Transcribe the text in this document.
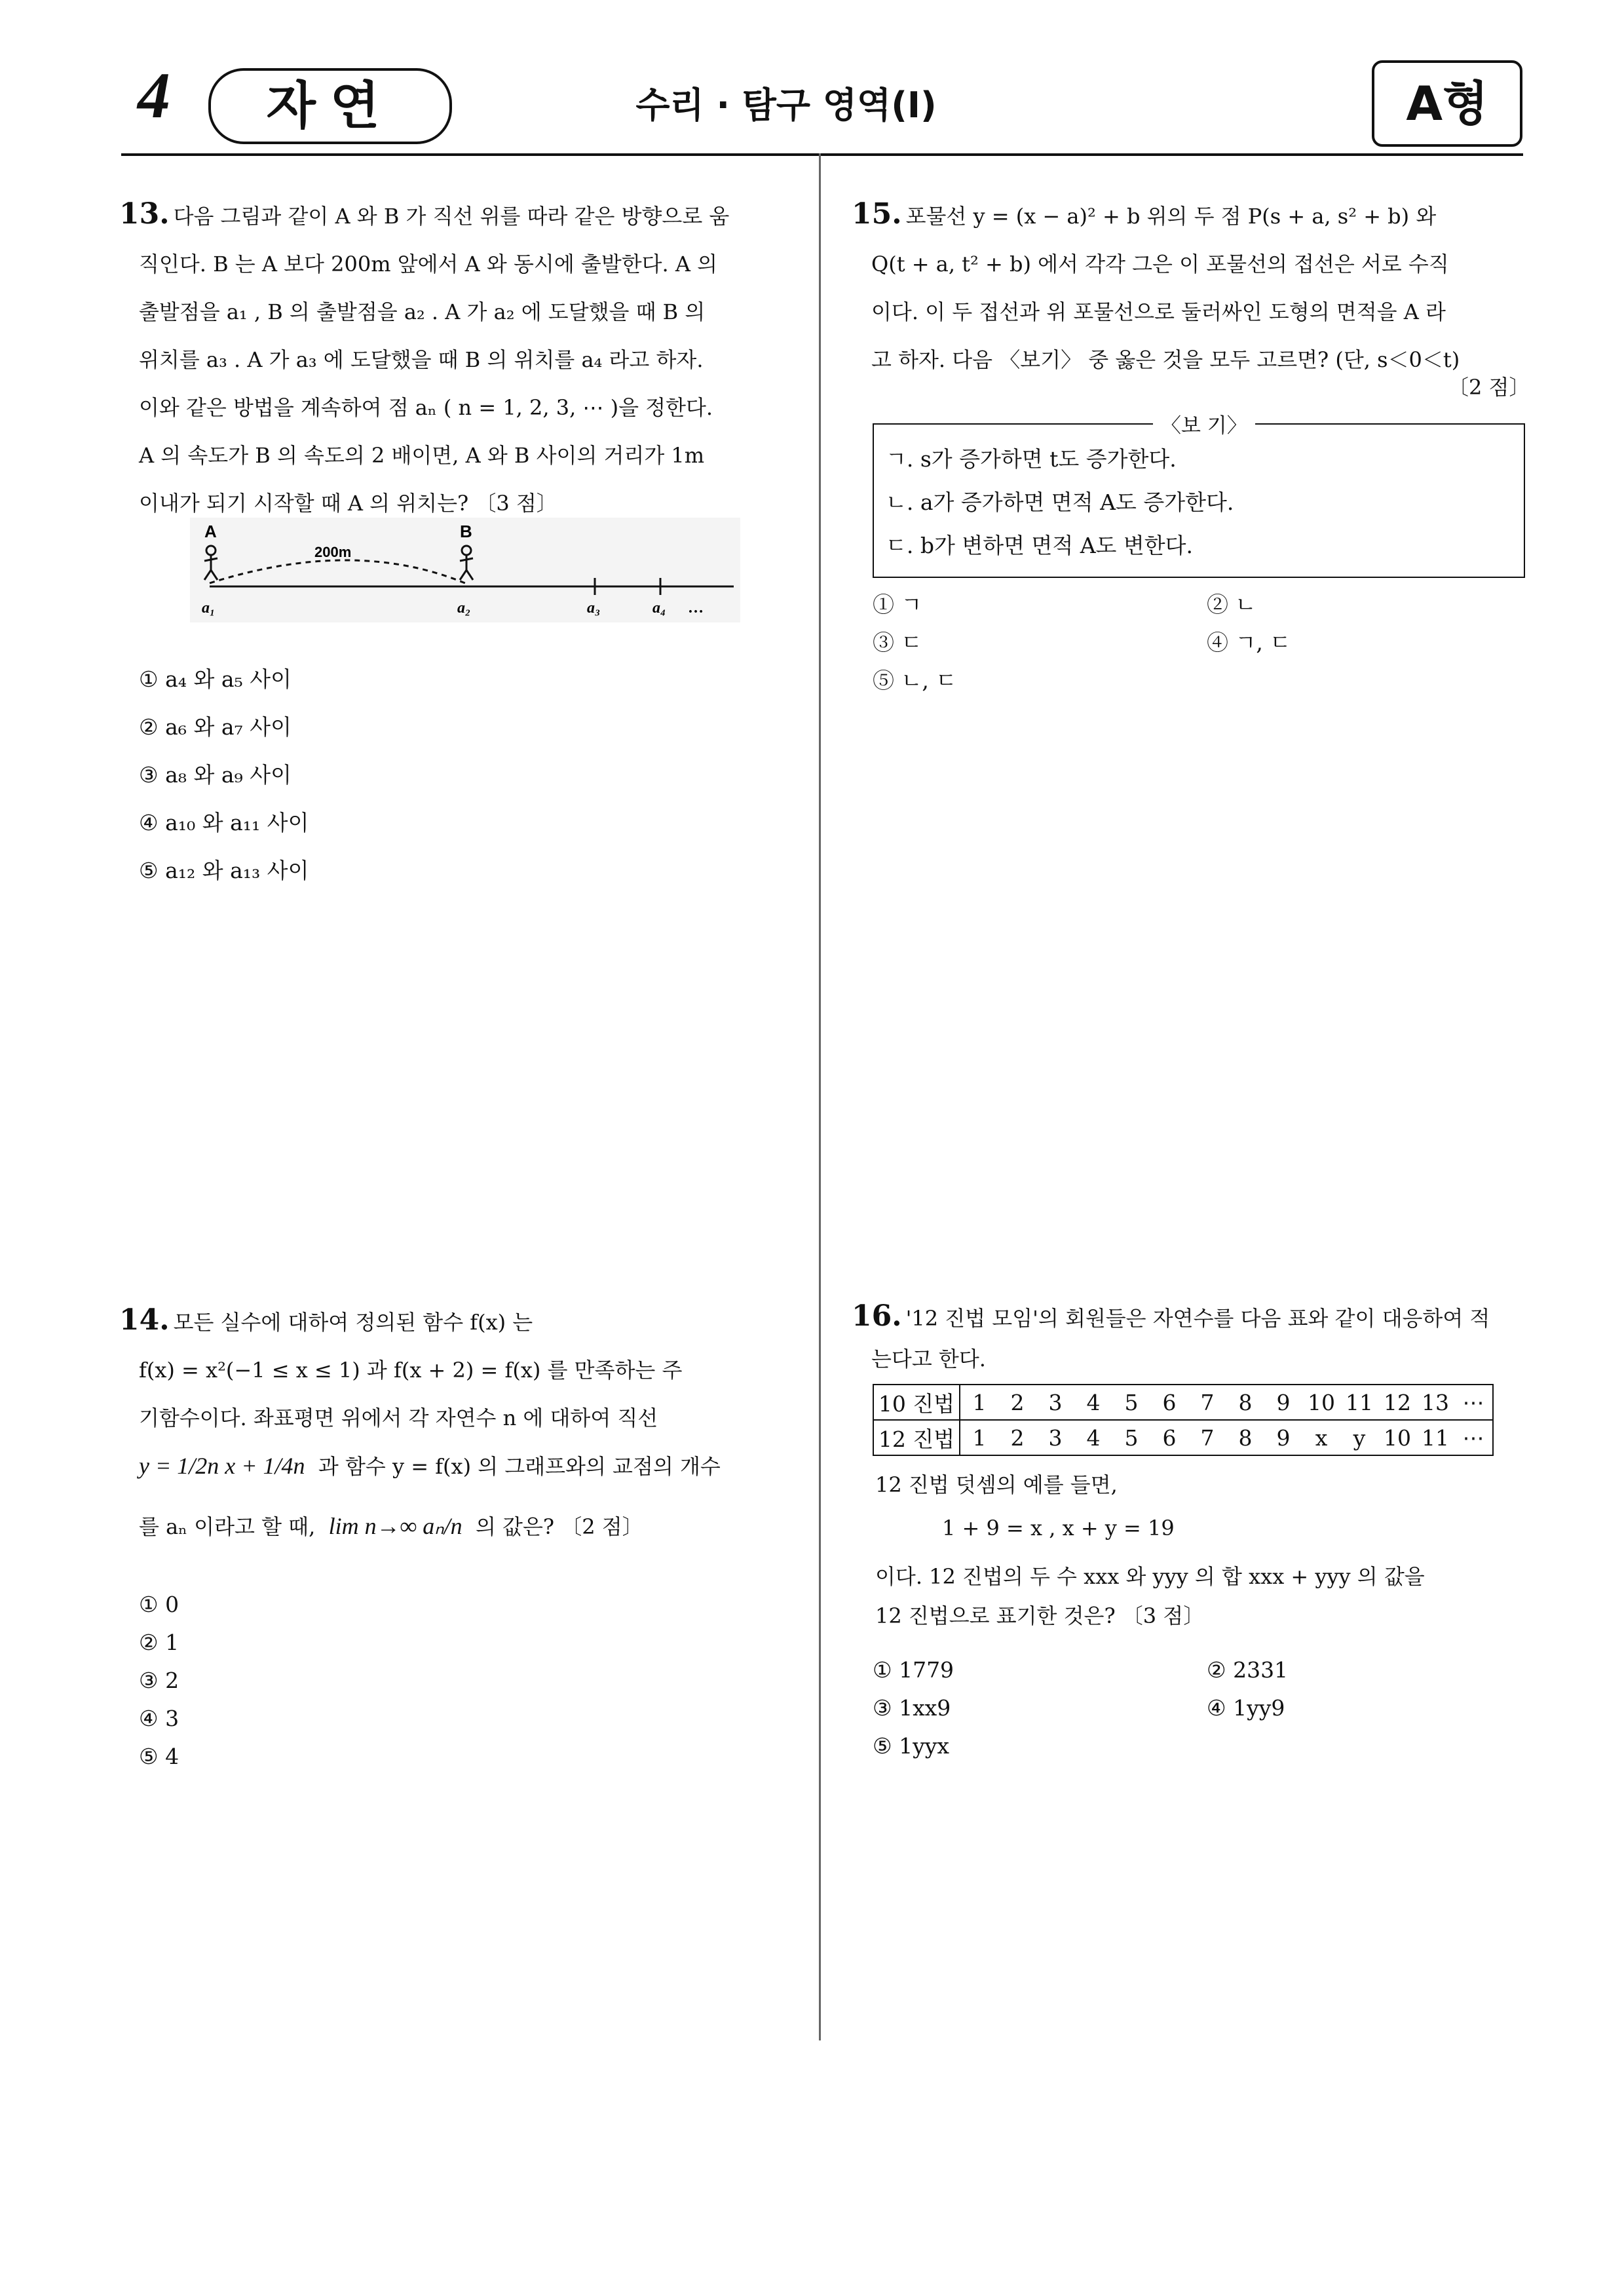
4	자연	수리 · 탐구 영역(Ⅰ)	A형
13. 다음 그림과 같이 A 와 B 가 직선 위를 따라 같은 방향으로 움
직인다. B 는 A 보다 200m 앞에서 A 와 동시에 출발한다. A 의
출발점을 a₁ , B 의 출발점을 a₂ . A 가 a₂ 에 도달했을 때 B 의
위치를 a₃ . A 가 a₃ 에 도달했을 때 B 의 위치를 a₄ 라고 하자.
이와 같은 방법을 계속하여 점 aₙ ( n = 1, 2, 3, ⋯ )을 정한다.
A 의 속도가 B 의 속도의 2 배이면, A 와 B 사이의 거리가 1m
이내가 되기 시작할 때 A 의 위치는? 〔3 점〕
A	B
200m
a₁	a₂	a₃	a₄ …
① a₄ 와 a₅ 사이
② a₆ 와 a₇ 사이
③ a₈ 와 a₉ 사이
④ a₁₀ 와 a₁₁ 사이
⑤ a₁₂ 와 a₁₃ 사이
14. 모든 실수에 대하여 정의된 함수 f(x) 는
f(x) = x²(−1 ≤ x ≤ 1) 과 f(x + 2) = f(x) 를 만족하는 주
기함수이다. 좌표평면 위에서 각 자연수 n 에 대하여 직선
y = 1/2n x + 1/4n 과 함수 y = f(x) 의 그래프와의 교점의 개수
를 aₙ 이라고 할 때, lim n→∞ aₙ/n 의 값은? 〔2 점〕
① 0
② 1
③ 2
④ 3
⑤ 4
15. 포물선 y = (x − a)² + b 위의 두 점 P(s + a, s² + b) 와
Q(t + a, t² + b) 에서 각각 그은 이 포물선의 접선은 서로 수직
이다. 이 두 접선과 위 포물선으로 둘러싸인 도형의 면적을 A 라
고 하자. 다음 〈보기〉 중 옳은 것을 모두 고르면? (단, s＜0＜t)
〔2 점〕
ㄱ. s가 증가하면 t도 증가한다.
ㄴ. a가 증가하면 면적 A도 증가한다.
ㄷ. b가 변하면 면적 A도 변한다.
〈보 기〉
① ㄱ	② ㄴ
③ ㄷ	④ ㄱ, ㄷ
⑤ ㄴ, ㄷ
16. '12 진법 모임'의 회원들은 자연수를 다음 표와 같이 대응하여 적
는다고 한다.
10 진법	1	2	3	4	5	6	7	8	9	10	11	12	13	⋯
12 진법	1	2	3	4	5	6	7	8	9	x	y	10	11	⋯
12 진법 덧셈의 예를 들면,
1 + 9 = x , x + y = 19
이다. 12 진법의 두 수 xxx 와 yyy 의 합 xxx + yyy 의 값을
12 진법으로 표기한 것은? 〔3 점〕
① 1779	② 2331
③ 1xx9	④ 1yy9
⑤ 1yyx
